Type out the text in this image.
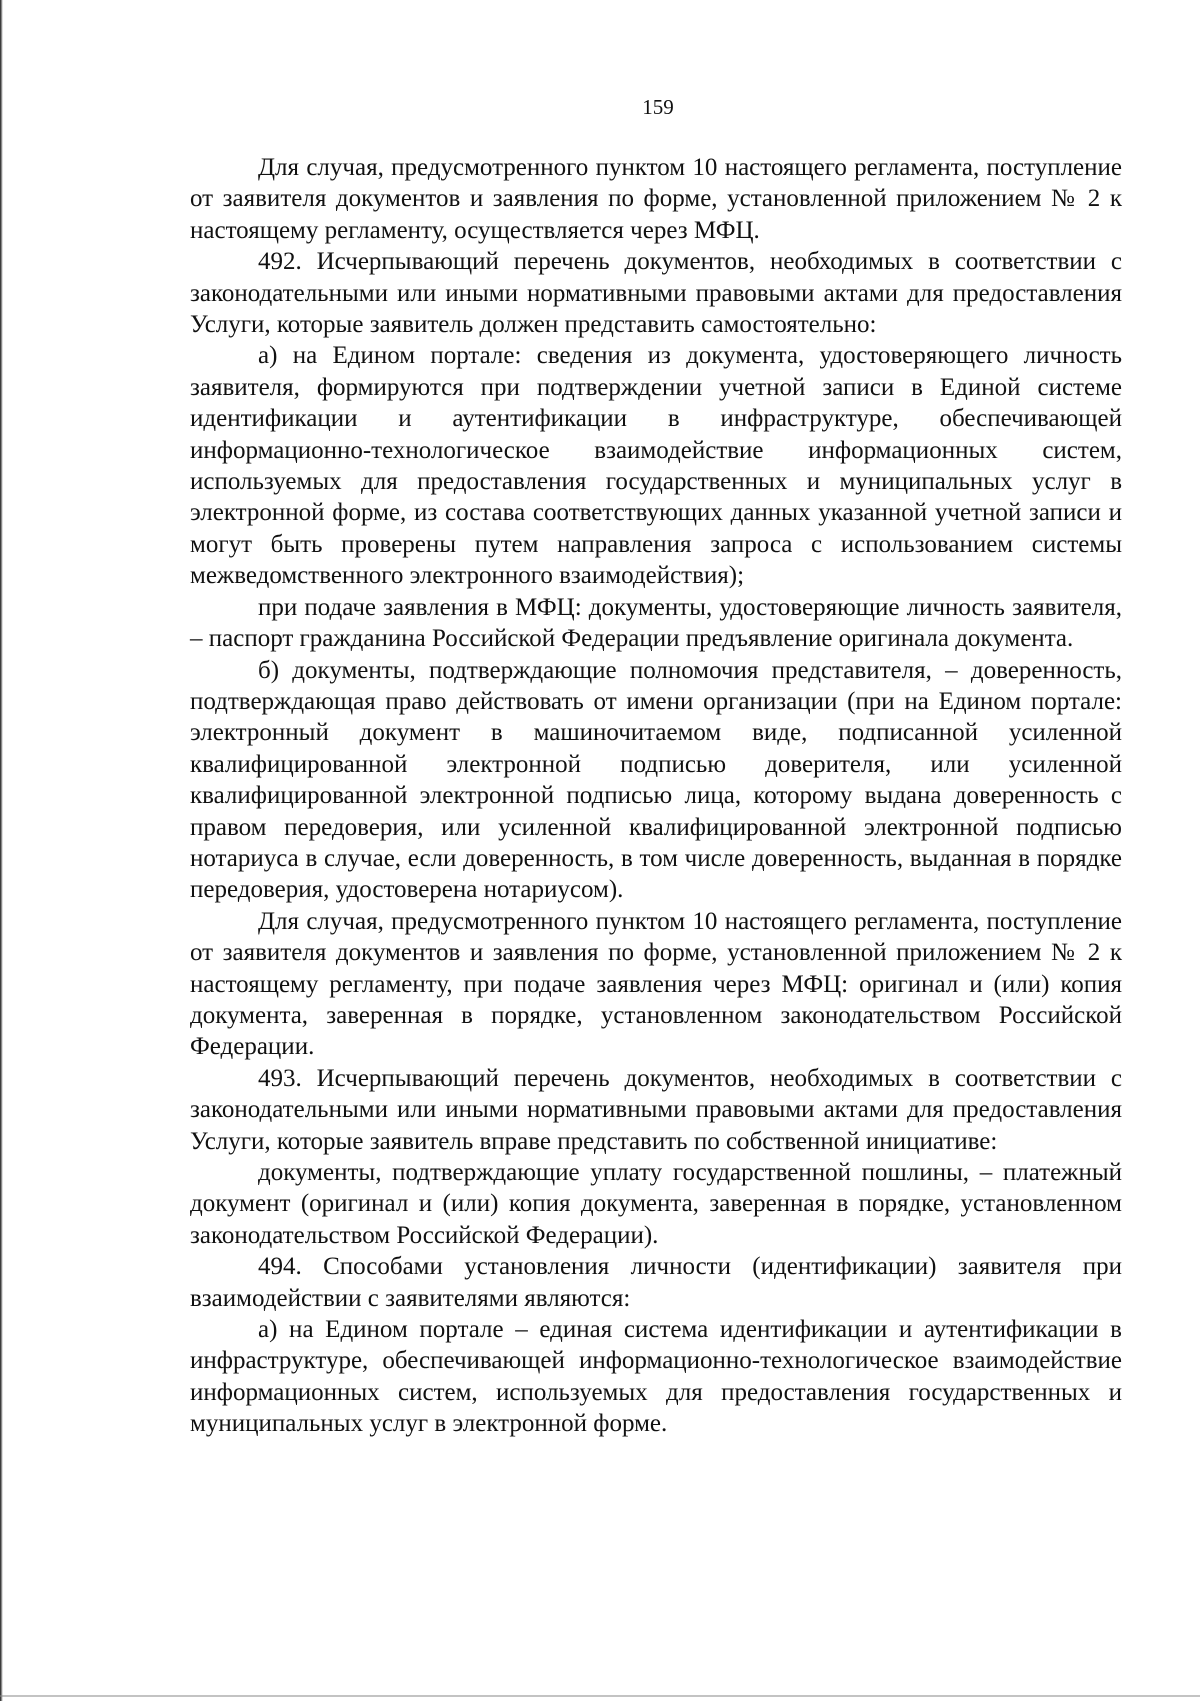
159

Для случая, предусмотренного пунктом 10 настоящего регламента, поступление от заявителя документов и заявления по форме, установленной приложением № 2 к настоящему регламенту, осуществляется через МФЦ.

492. Исчерпывающий перечень документов, необходимых в соответствии с законодательными или иными нормативными правовыми актами для предоставления Услуги, которые заявитель должен представить самостоятельно:

а) на Едином портале: сведения из документа, удостоверяющего личность заявителя, формируются при подтверждении учетной записи в Единой системе идентификации и аутентификации в инфраструктуре, обеспечивающей информационно-технологическое взаимодействие информационных систем, используемых для предоставления государственных и муниципальных услуг в электронной форме, из состава соответствующих данных указанной учетной записи и могут быть проверены путем направления запроса с использованием системы межведомственного электронного взаимодействия);

при подаче заявления в МФЦ: документы, удостоверяющие личность заявителя, – паспорт гражданина Российской Федерации предъявление оригинала документа.

б) документы, подтверждающие полномочия представителя, – доверенность, подтверждающая право действовать от имени организации (при на Едином портале: электронный документ в машиночитаемом виде, подписанной усиленной квалифицированной электронной подписью доверителя, или усиленной квалифицированной электронной подписью лица, которому выдана доверенность с правом передоверия, или усиленной квалифицированной электронной подписью нотариуса в случае, если доверенность, в том числе доверенность, выданная в порядке передоверия, удостоверена нотариусом).

Для случая, предусмотренного пунктом 10 настоящего регламента, поступление от заявителя документов и заявления по форме, установленной приложением № 2 к настоящему регламенту, при подаче заявления через МФЦ: оригинал и (или) копия документа, заверенная в порядке, установленном законодательством Российской Федерации.

493. Исчерпывающий перечень документов, необходимых в соответствии с законодательными или иными нормативными правовыми актами для предоставления Услуги, которые заявитель вправе представить по собственной инициативе:

документы, подтверждающие уплату государственной пошлины, – платежный документ (оригинал и (или) копия документа, заверенная в порядке, установленном законодательством Российской Федерации).

494. Способами установления личности (идентификации) заявителя при взаимодействии с заявителями являются:

а) на Едином портале – единая система идентификации и аутентификации в инфраструктуре, обеспечивающей информационно-технологическое взаимодействие информационных систем, используемых для предоставления государственных и муниципальных услуг в электронной форме.
